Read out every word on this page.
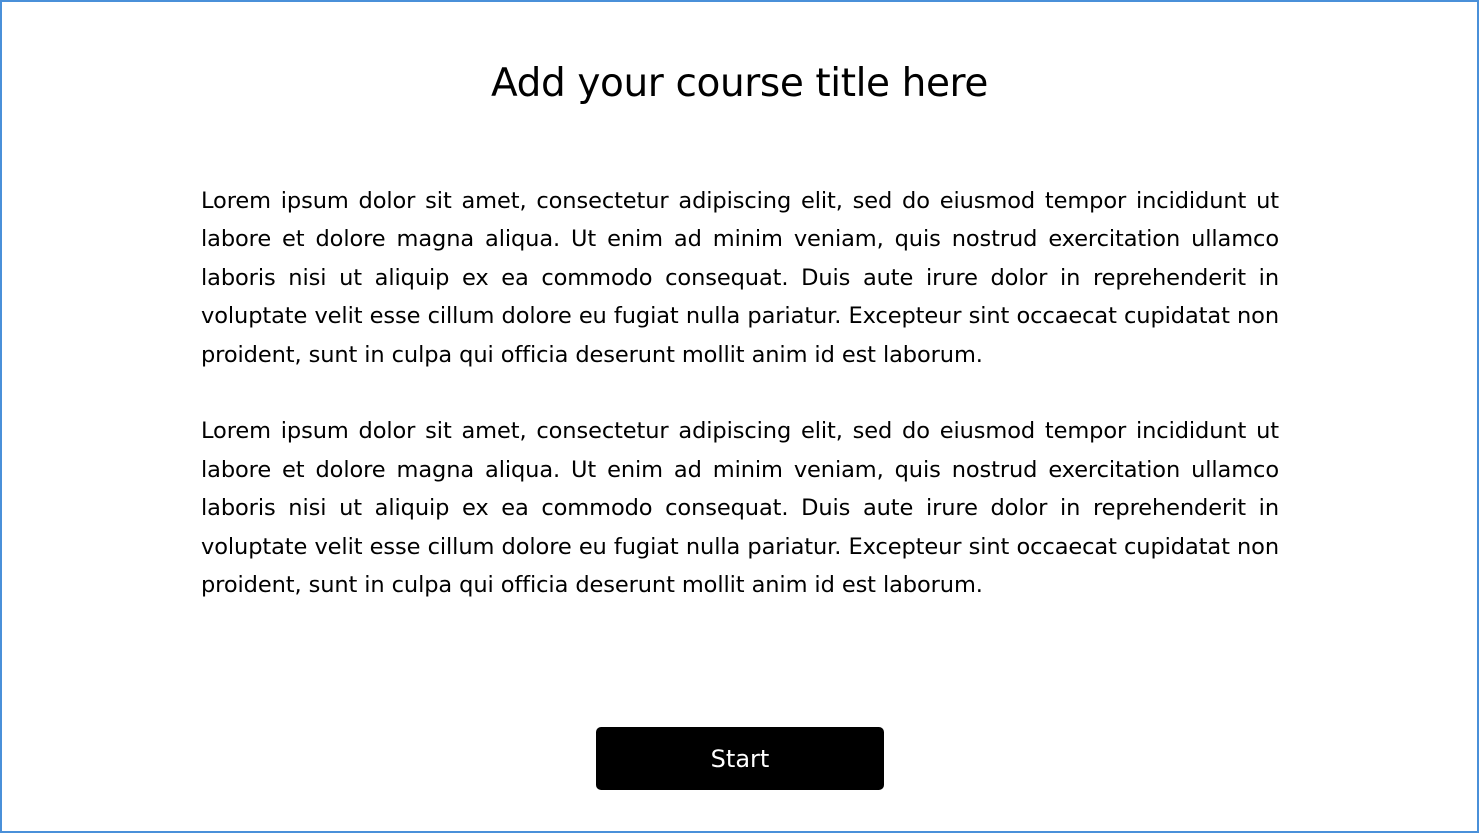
Add your course title here

Lorem ipsum dolor sit amet, consectetur adipiscing elit, sed do eiusmod tempor incididunt ut labore et dolore magna aliqua. Ut enim ad minim veniam, quis nostrud exercitation ullamco laboris nisi ut aliquip ex ea commodo consequat. Duis aute irure dolor in reprehenderit in voluptate velit esse cillum dolore eu fugiat nulla pariatur. Excepteur sint occaecat cupidatat non proident, sunt in culpa qui officia deserunt mollit anim id est laborum.

Lorem ipsum dolor sit amet, consectetur adipiscing elit, sed do eiusmod tempor incididunt ut labore et dolore magna aliqua. Ut enim ad minim veniam, quis nostrud exercitation ullamco laboris nisi ut aliquip ex ea commodo consequat. Duis aute irure dolor in reprehenderit in voluptate velit esse cillum dolore eu fugiat nulla pariatur. Excepteur sint occaecat cupidatat non proident, sunt in culpa qui officia deserunt mollit anim id est laborum.

Start
